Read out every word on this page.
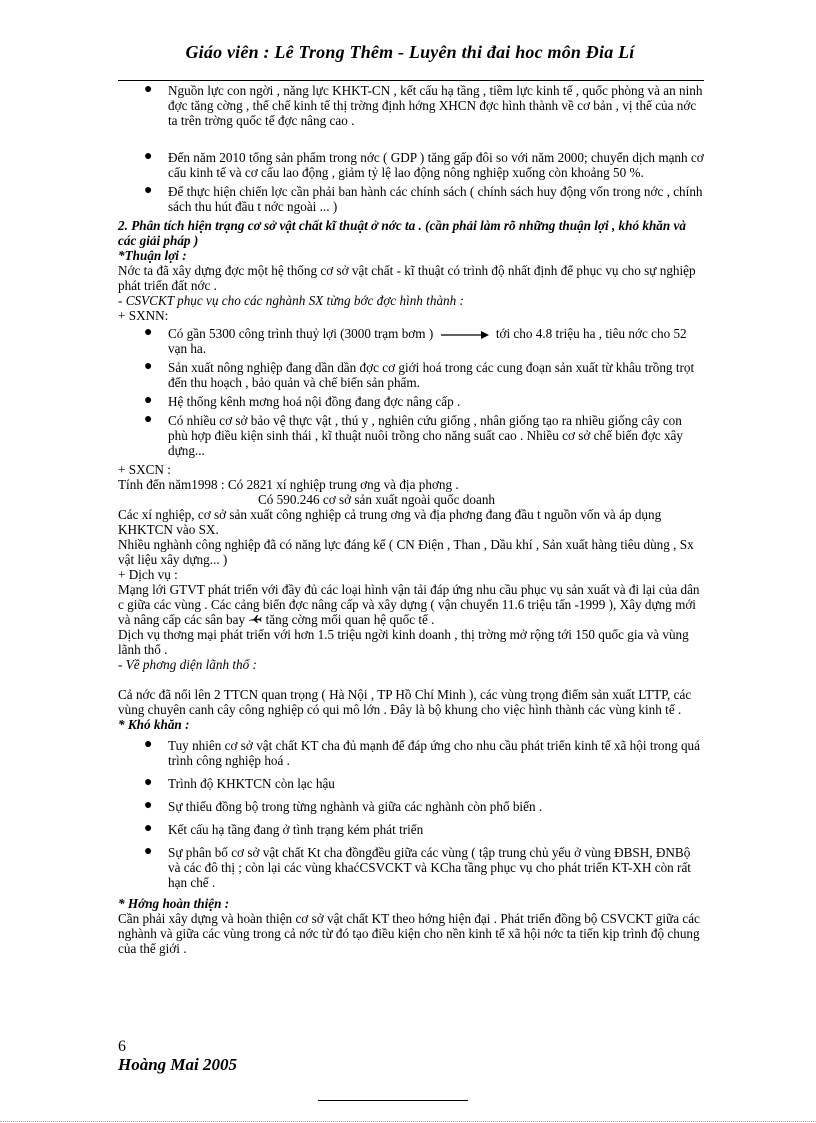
Giáo viên : Lê Trong Thêm - Luyên thi đai hoc môn Đia Lí
● Nguồn lực con ngời , năng lực KHKT-CN , kết cấu hạ tầng , tiềm lực kinh tế , quốc phòng và an ninh đợc tăng cờng , thể chế kinh tế thị trờng định hớng XHCN đợc hình thành về cơ bản , vị thế của nớc ta trên trờng quốc tế đợc nâng cao .
● Đến năm 2010 tổng sản phẩm trong nớc ( GDP ) tăng gấp đôi so với năm 2000; chuyển dịch mạnh cơ cấu kinh tế và cơ cấu lao động , giảm tỷ lệ lao động nông nghiệp xuống còn khoảng 50 %.
● Để thực hiện chiến lợc cần phải ban hành các chính sách ( chính sách huy động vốn trong nớc , chính sách thu hút đầu t nớc ngoài ... )

2. Phân tích hiện trạng cơ sở vật chất kĩ thuật ở nớc ta . (cần phải làm rõ những thuận lợi , khó khăn và các giải pháp )

*Thuận lợi :

Nớc ta đã xây dựng đợc một hệ thống cơ sở vật chất - kĩ thuật có trình độ nhất định để phục vụ cho sự nghiệp phát triển đất nớc .

- CSVCKT phục vụ cho các nghành SX từng bớc đợc hình thành :

+ SXNN:

● Có gần 5300 công trình thuỷ lợi (3000 trạm bơm )	tới cho 4.8 triệu ha , tiêu nớc cho 52 vạn ha.
● Sản xuất nông nghiệp đang dần dần đợc cơ giới hoá trong các cung đoạn sản xuất từ khâu trồng trọt đến thu hoạch , bảo quản và chế biến sản phẩm.
● Hệ thống kênh mơng hoá nội đồng đang đợc nâng cấp .
● Có nhiều cơ sở bảo vệ thực vật , thú y , nghiên cứu giống , nhân giống tạo ra nhiều giống cây con phù hợp điều kiện sinh thái , kĩ thuật nuôi trồng cho năng suất cao . Nhiều cơ sở chế biến đợc xây dựng...

+ SXCN :

Tính đến năm1998 : Có 2821 xí nghiệp trung ơng và địa phơng .

Có 590.246 cơ sở sản xuất ngoài quốc doanh

Các xí nghiệp, cơ sở sản xuất công nghiệp cả trung ơng và địa phơng đang đầu t nguồn vốn và áp dụng KHKTCN vào SX.

Nhiều nghành công nghiệp đã có năng lực đáng kể ( CN Điện , Than , Dầu khí , Sản xuất hàng tiêu dùng , Sx vật liệu xây dựng... )

+ Dịch vụ :

Mạng lới GTVT phát triển với đầy đủ các loại hình vận tải đáp ứng nhu cầu phục vụ sản xuất và đi lại của dân c giữa các vùng . Các cảng biển đợc nâng cấp và xây dựng ( vận chuyển 11.6 triệu tấn -1999 ), Xây dựng mới và nâng cấp các sân bay tăng cờng mối quan hệ quốc tế .

Dịch vụ thơng mại phát triển với hơn 1.5 triệu ngời kinh doanh , thị trờng mở rộng tới 150 quốc gia và vùng lãnh thổ .

- Về phơng diện lãnh thổ :

Cả nớc đã nổi lên 2 TTCN quan trọng ( Hà Nội , TP Hồ Chí Minh ), các vùng trọng điểm sản xuất LTTP, các vùng chuyên canh cây công nghiệp có qui mô lớn . Đây là bộ khung cho việc hình thành các vùng kinh tế .

* Khó khăn :

● Tuy nhiên cơ sở vật chất KT cha đủ mạnh để đáp ứng cho nhu cầu phát triển kinh tế xã hội trong quá trình công nghiệp hoá .
● Trình độ KHKTCN còn lạc hậu
● Sự thiếu đồng bộ trong từng nghành và giữa các nghành còn phổ biến .
● Kết cấu hạ tầng đang ở tình trạng kém phát triển
● Sự phân bố cơ sở vật chất Kt cha đồngđều giữa các vùng ( tập trung chủ yếu ở vùng ĐBSH, ĐNBộ và các đô thị ; còn lại các vùng khaćCSVCKT và KCha tầng phục vụ cho phát triển KT-XH còn rất hạn chế .

* Hớng hoàn thiện :

Cần phải xây dựng và hoàn thiện cơ sở vật chất KT theo hớng hiện đại . Phát triển đồng bộ CSVCKT giữa các nghành và giữa các vùng trong cả nớc từ đó tạo điều kiện cho nền kinh tế xã hội nớc ta tiến kịp trình độ chung của thế giới .

6
Hoàng Mai 2005
